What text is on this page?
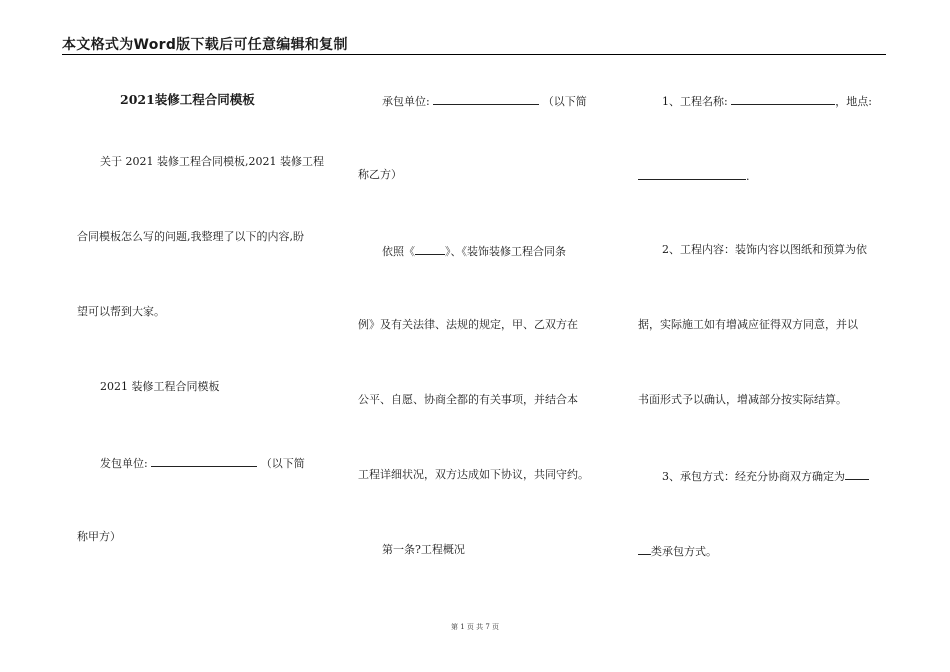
本文格式为Word版下载后可任意编辑和复制
2021装修工程合同模板
关于 2021 装修工程合同模板,2021 装修工程
合同模板怎么写的问题,我整理了以下的内容,盼
望可以帮到大家。
2021 装修工程合同模板
发包单位:	（以下简
称甲方）
承包单位:	（以下简
称乙方）
依照《	》、《装饰装修工程合同条
例》及有关法律、法规的规定，甲、乙双方在
公平、自愿、协商全都的有关事项，并结合本
工程详细状况，双方达成如下协议，共同守约。
第一条?工程概况
1、工程名称:	，地点:
.
2、工程内容：装饰内容以图纸和预算为依
据，实际施工如有增减应征得双方同意，并以
书面形式予以确认，增减部分按实际结算。
3、承包方式：经充分协商双方确定为
类承包方式。
第 1 页 共 7 页
